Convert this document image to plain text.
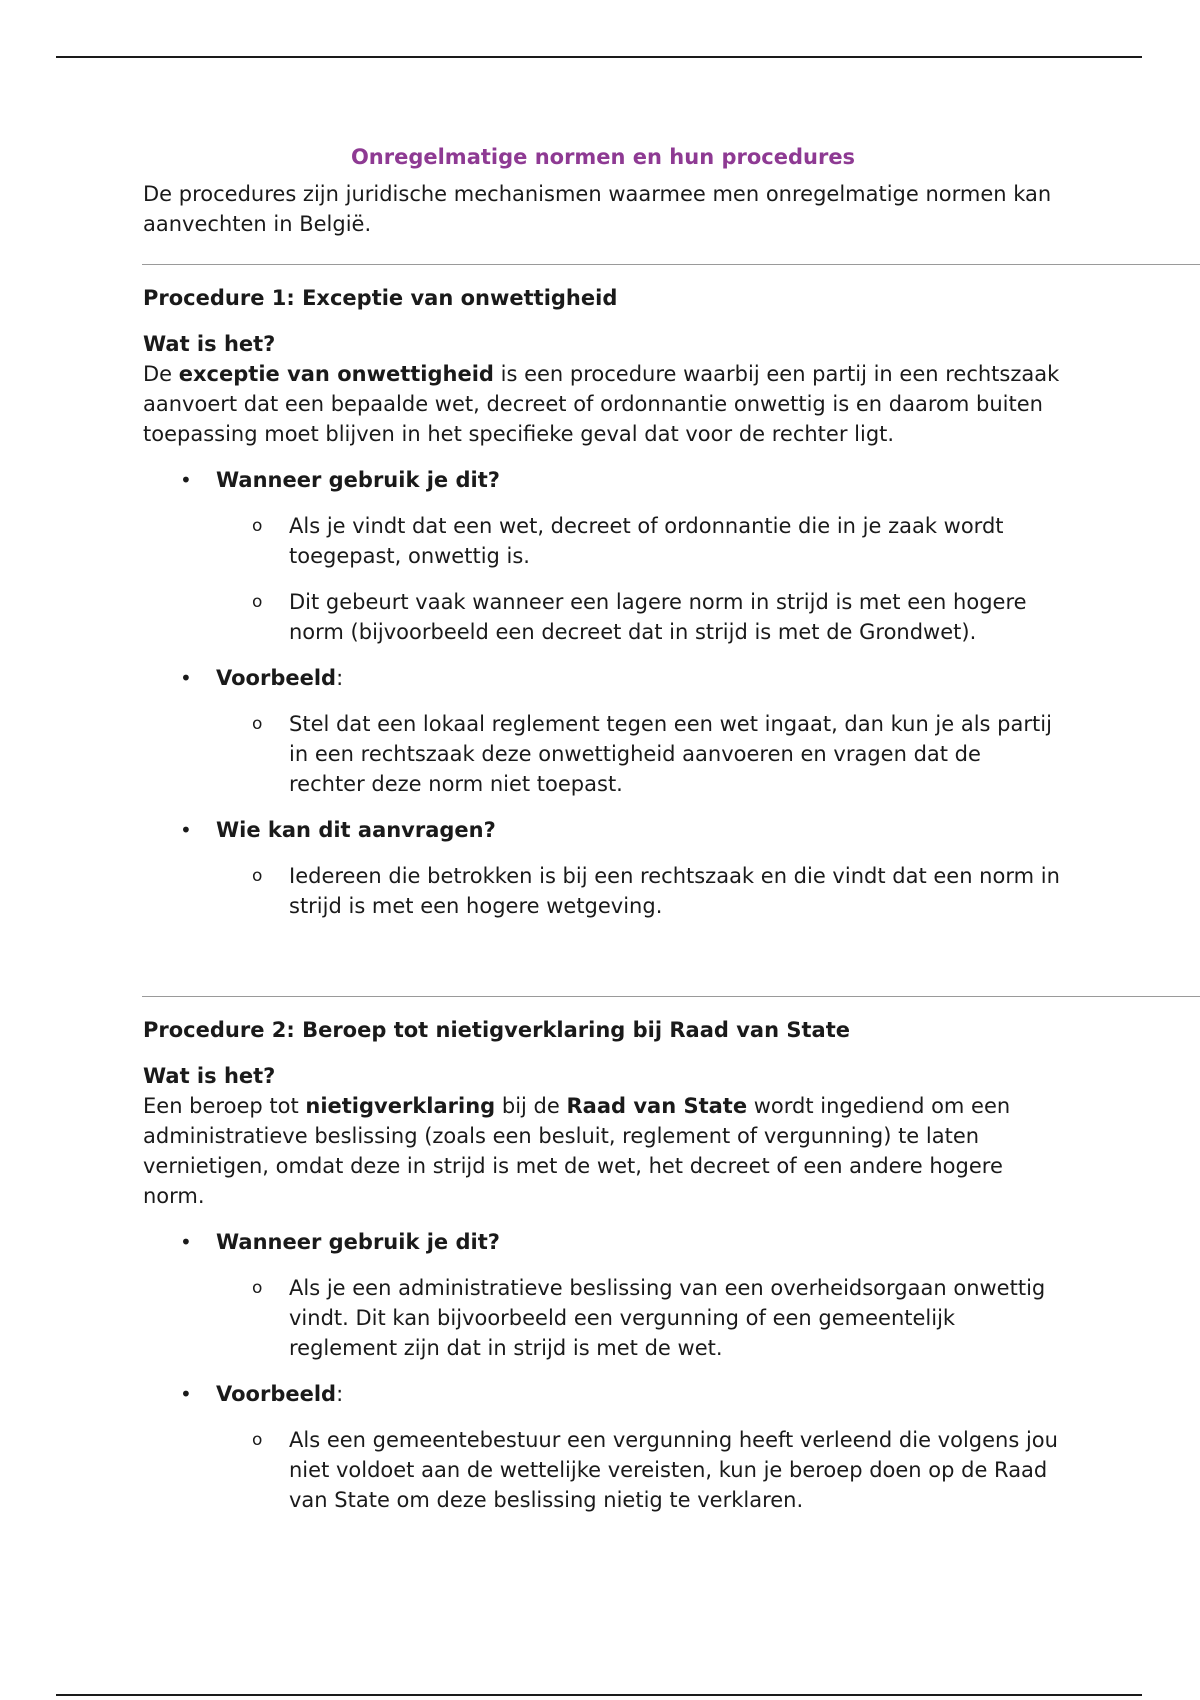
Onregelmatige normen en hun procedures

De procedures zijn juridische mechanismen waarmee men onregelmatige normen kan aanvechten in België.

Procedure 1: Exceptie van onwettigheid

Wat is het?

De exceptie van onwettigheid is een procedure waarbij een partij in een rechtszaak aanvoert dat een bepaalde wet, decreet of ordonnantie onwettig is en daarom buiten toepassing moet blijven in het specifieke geval dat voor de rechter ligt.

• Wanneer gebruik je dit?
o	Als je vindt dat een wet, decreet of ordonnantie die in je zaak wordt toegepast, onwettig is.
o	Dit gebeurt vaak wanneer een lagere norm in strijd is met een hogere norm (bijvoorbeeld een decreet dat in strijd is met de Grondwet).
• Voorbeeld:
o	Stel dat een lokaal reglement tegen een wet ingaat, dan kun je als partij in een rechtszaak deze onwettigheid aanvoeren en vragen dat de rechter deze norm niet toepast.
• Wie kan dit aanvragen?
o	Iedereen die betrokken is bij een rechtszaak en die vindt dat een norm in strijd is met een hogere wetgeving.

Procedure 2: Beroep tot nietigverklaring bij Raad van State

Wat is het?

Een beroep tot nietigverklaring bij de Raad van State wordt ingediend om een administratieve beslissing (zoals een besluit, reglement of vergunning) te laten vernietigen, omdat deze in strijd is met de wet, het decreet of een andere hogere norm.

• Wanneer gebruik je dit?
o	Als je een administratieve beslissing van een overheidsorgaan onwettig vindt. Dit kan bijvoorbeeld een vergunning of een gemeentelijk reglement zijn dat in strijd is met de wet.
• Voorbeeld:
o	Als een gemeentebestuur een vergunning heeft verleend die volgens jou niet voldoet aan de wettelijke vereisten, kun je beroep doen op de Raad van State om deze beslissing nietig te verklaren.
